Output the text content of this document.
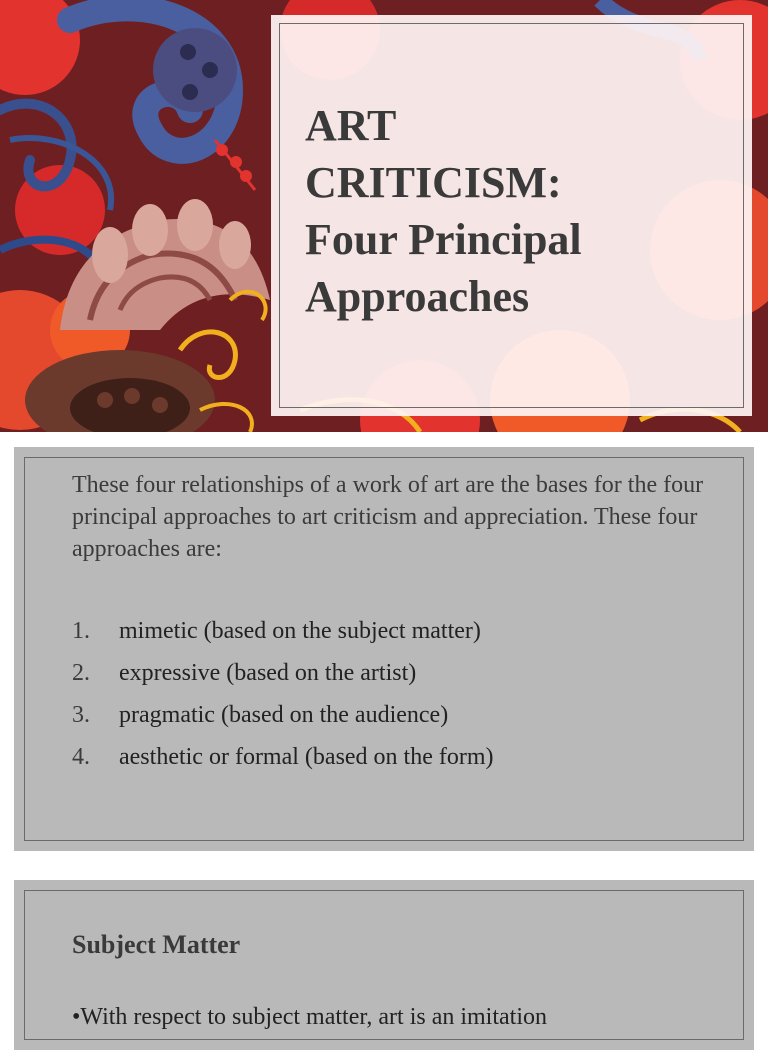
ART
CRITICISM:
Four Principal
Approaches

These four relationships of a work of art are the bases for the four principal approaches to art criticism and appreciation. These four approaches are:

1. mimetic (based on the subject matter)
2. expressive (based on the artist)
3. pragmatic (based on the audience)
4. aesthetic or formal (based on the form)
Subject Matter

•With respect to subject matter, art is an imitation
